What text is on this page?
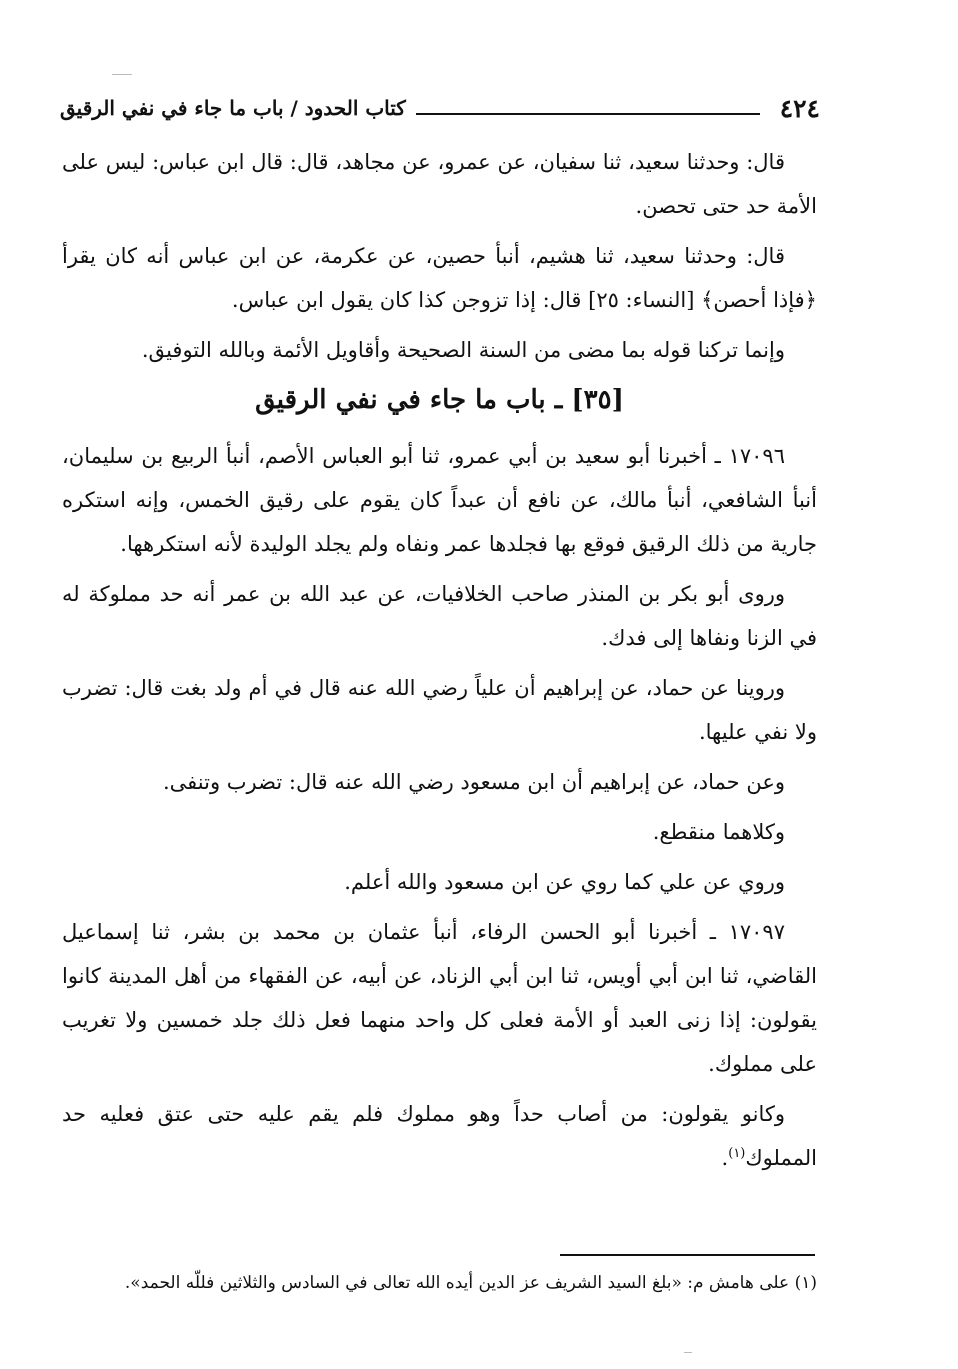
٤٢٤
كتاب الحدود / باب ما جاء في نفي الرقيق

قال: وحدثنا سعيد، ثنا سفيان، عن عمرو، عن مجاهد، قال: قال ابن عباس: ليس على الأمة حد حتى تحصن.

قال: وحدثنا سعيد، ثنا هشيم، أنبأ حصين، عن عكرمة، عن ابن عباس أنه كان يقرأ ﴿فإذا أحصن﴾ [النساء: ٢٥] قال: إذا تزوجن كذا كان يقول ابن عباس.

وإنما تركنا قوله بما مضى من السنة الصحيحة وأقاويل الأئمة وبالله التوفيق.

[٣٥] ـ باب ما جاء في نفي الرقيق

١٧٠٩٦ ـ أخبرنا أبو سعيد بن أبي عمرو، ثنا أبو العباس الأصم، أنبأ الربيع بن سليمان، أنبأ الشافعي، أنبأ مالك، عن نافع أن عبداً كان يقوم على رقيق الخمس، وإنه استكره جارية من ذلك الرقيق فوقع بها فجلدها عمر ونفاه ولم يجلد الوليدة لأنه استكرهها.

وروى أبو بكر بن المنذر صاحب الخلافيات، عن عبد الله بن عمر أنه حد مملوكة له في الزنا ونفاها إلى فدك.

وروينا عن حماد، عن إبراهيم أن علياً رضي الله عنه قال في أم ولد بغت قال: تضرب ولا نفي عليها.

وعن حماد، عن إبراهيم أن ابن مسعود رضي الله عنه قال: تضرب وتنفى.

وكلاهما منقطع.

وروي عن علي كما روي عن ابن مسعود والله أعلم.

١٧٠٩٧ ـ أخبرنا أبو الحسن الرفاء، أنبأ عثمان بن محمد بن بشر، ثنا إسماعيل القاضي، ثنا ابن أبي أويس، ثنا ابن أبي الزناد، عن أبيه، عن الفقهاء من أهل المدينة كانوا يقولون: إذا زنى العبد أو الأمة فعلى كل واحد منهما فعل ذلك جلد خمسين ولا تغريب على مملوك.

وكانو يقولون: من أصاب حداً وهو مملوك فلم يقم عليه حتى عتق فعليه حد المملوك$^{(١)}$.

(١) على هامش م: «بلغ السيد الشريف عز الدين أيده الله تعالى في السادس والثلاثين فللّه الحمد».
